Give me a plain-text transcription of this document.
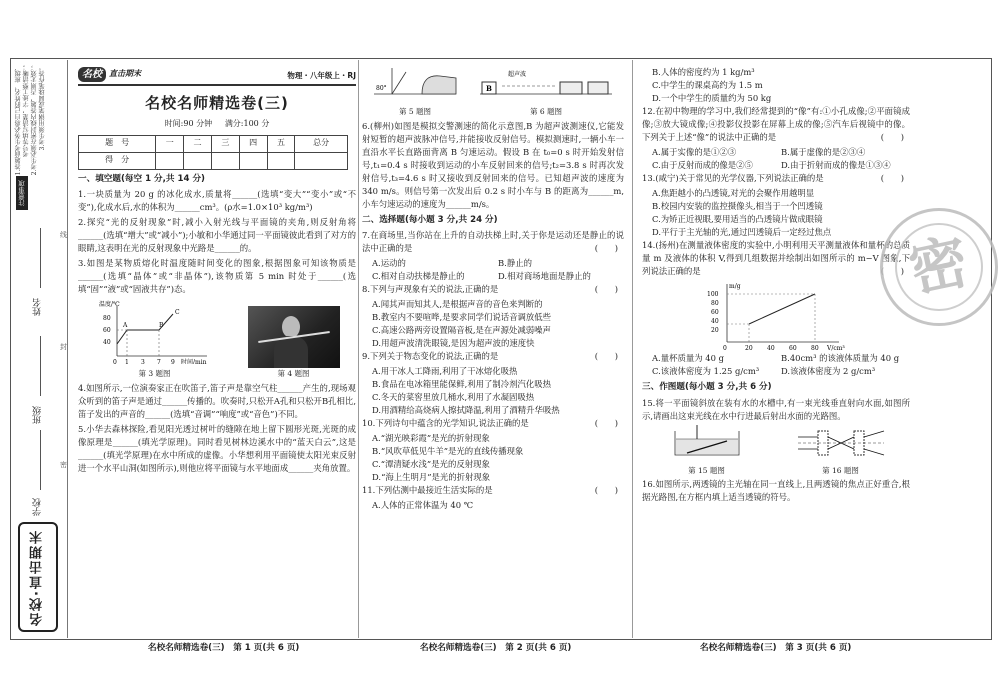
1.答题前考生务必将自己的姓名、班级、 考号等填写清楚，字迹工整清晰； 2.考生必须在密封线内答题，否则无效； 3.考生须用钢笔或圆珠笔作答。
注意事项
姓名
班级
学校
线
封
密
名校·直击期末
名校 直击期末	物理・八年级上・RJ
名校名师精选卷(三)
时间:90 分钟 满分:100 分
题　号	一	二	三	四	五	总分
得　分						
一、填空题(每空 1 分,共 14 分)
1.一块质量为 20 g 的冰化成水,质量将______(选填“变大”“变小”或“不变”),化成水后,水的体积为______cm³。(ρ水=1.0×10³ kg/m³)
2.探究“光的反射现象”时,减小入射光线与平面镜的夹角,则反射角将______(选填“增大”或“减小”);小敏和小华通过同一平面镜彼此看到了对方的眼睛,这表明在光的反射现象中光路是______的。
3.如图是某物质熔化时温度随时间变化的图象,根据图象可知该物质是______(选填“晶体”或“非晶体”),该物质第 5 min 时处于______(选填“固”“液”或“固液共存”)态。
温度/℃
时间/min
80
60
40
0 1 3 7 9
A	B
C
第 3 题图	第 4 题图
4.如图所示,一位演奏家正在吹笛子,笛子声是靠空气柱______产生的,现场观众听到的笛子声是通过______传播的。吹奏时,只松开A孔和只松开B孔相比,笛子发出的声音的______(选填“音调”“响度”或“音色”)不同。
5.小华去森林探险,看见阳光透过树叶的缝隙在地上留下圆形光斑,光斑的成像原理是______(填光学原理)。同时看见树林边溪水中的“蓝天白云”,这是______(填光学原理)在水中所成的虚像。小华想利用平面镜使太阳光束反射进一个水平山洞(如图所示),则他应将平面镜与水平地面成______夹角放置。
80°
第 5 题图
B
超声波
第 6 题图
6.(柳州)如图是模拟交警测速的简化示意图,B 为超声波测速仪,它能发射短暂的超声波脉冲信号,并能接收反射信号。模拟测速时,一辆小车一直沿水平长直路面背离 B 匀速运动。假设 B 在 t₀=0 s 时开始发射信号,t₁=0.4 s 时接收到运动的小车反射回来的信号;t₂=3.8 s 时再次发射信号,t₃=4.6 s 时又接收到反射回来的信号。已知超声波的速度为 340 m/s。则信号第一次发出后 0.2 s 时小车与 B 的距离为______m,小车匀速运动的速度为______m/s。
二、选择题(每小题 3 分,共 24 分)
7.在商场里,当你站在上升的自动扶梯上时,关于你是运动还是静止的说法中正确的是	(　　)
A.运动的	B.静止的
C.相对自动扶梯是静止的	D.相对商场地面是静止的
8.下列与声现象有关的说法,正确的是	(　　)
A.闻其声而知其人,是根据声音的音色来判断的
B.教室内不要喧哗,是要求同学们说话音调放低些
C.高速公路两旁设置隔音板,是在声源处减弱噪声
D.用超声波清洗眼镜,是因为超声波的速度快
9.下列关于物态变化的说法,正确的是	(　　)
A.用干冰人工降雨,利用了干冰熔化吸热
B.食品在电冰箱里能保鲜,利用了制冷剂汽化吸热
C.冬天的菜窖里放几桶水,利用了水凝固吸热
D.用酒精给高烧病人擦拭降温,利用了酒精升华吸热
10.下列诗句中蕴含的光学知识,说法正确的是	(　　)
A.“湖光映彩霞”是光的折射现象
B.“风吹草低见牛羊”是光的直线传播现象
C.“潭清疑水浅”是光的反射现象
D.“海上生明月”是光的折射现象
11.下列估测中最接近生活实际的是	(　　)
A.人体的正常体温为 40 ℃
B.人体的密度约为 1 kg/m³
C.中学生的课桌高约为 1.5 m
D.一个中学生的质量约为 50 kg
12.在初中物理的学习中,我们经常提到的“像”有:①小孔成像;②平面镜成像;③放大镜成像;④投影仪投影在屏幕上成的像;⑤汽车后视镜中的像。下列关于上述“像”的说法中正确的是	(　　)
A.属于实像的是①②③	B.属于虚像的是②③④
C.由于反射而成的像是②⑤	D.由于折射而成的像是①③④
13.(咸宁)关于常见的光学仪器,下列说法正确的是	(　　)
A.焦距越小的凸透镜,对光的会聚作用越明显
B.校园内安装的监控摄像头,相当于一个凹透镜
C.为矫正近视眼,要用适当的凸透镜片做成眼镜
D.平行于主光轴的光,通过凹透镜后一定经过焦点
14.(扬州)在测量液体密度的实验中,小明利用天平测量液体和量杯的总质量 m 及液体的体积 V,得到几组数据并绘制出如图所示的 m−V 图象,下列说法正确的是	(　　)
m/g
V/cm³
100
80
60
40
20
0	20 40 60 80
A.量杯质量为 40 g	B.40cm³ 的该液体质量为 40 g
C.该液体密度为 1.25 g/cm³	D.该液体密度为 2 g/cm³
三、作图题(每小题 3 分,共 6 分)
15.将一平面镜斜放在装有水的水槽中,有一束光线垂直射向水面,如图所示,请画出这束光线在水中行进最后射出水面的光路图。
第 15 题图	第 16 题图
16.如图所示,两透镜的主光轴在同一直线上,且两透镜的焦点正好重合,根据光路图,在方框内填上适当透镜的符号。
密
名校名师精选卷(三)　第 1 页(共 6 页)	名校名师精选卷(三)　第 2 页(共 6 页)	名校名师精选卷(三)　第 3 页(共 6 页)
